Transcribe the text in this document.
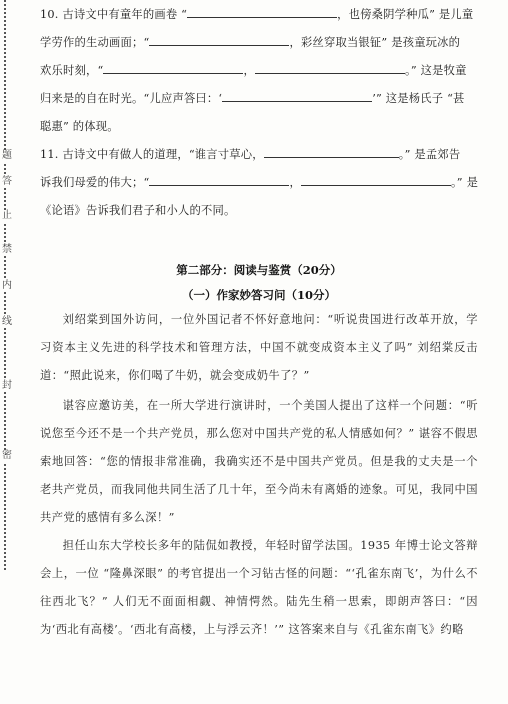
题
答
止
禁
内
线
封
密
10. 古诗文中有童年的画卷 “	，也傍桑阴学种瓜” 是儿童
学劳作的生动画面；“	，彩丝穿取当银钲” 是孩童玩冰的
欢乐时刻，“	，	。” 这是牧童
归来是的自在时光。“儿应声答曰：‘	’” 这是杨氏子 “甚
聪惠” 的体现。
11. 古诗文中有做人的道理，“谁言寸草心，	。” 是孟郊告
诉我们母爱的伟大；“	，	。” 是
《论语》告诉我们君子和小人的不同。
第二部分：阅读与鉴赏（20分）
（一）作家妙答习问（10分）
刘绍棠到国外访问，一位外国记者不怀好意地问：“听说贵国进行改革开放，学习资本主义先进的科学技术和管理方法，中国不就变成资本主义了吗” 刘绍棠反击道：“照此说来，你们喝了牛奶，就会变成奶牛了？”
谌容应邀访美，在一所大学进行演讲时，一个美国人提出了这样一个问题：“听说您至今还不是一个共产党员，那么您对中国共产党的私人情感如何？” 谌容不假思索地回答：“您的情报非常准确，我确实还不是中国共产党员。但是我的丈夫是一个老共产党员，而我同他共同生活了几十年，至今尚未有离婚的迹象。可见，我同中国共产党的感情有多么深！”
担任山东大学校长多年的陆侃如教授，年轻时留学法国。1935 年博士论文答辩会上，一位 “隆鼻深眼” 的考官提出一个习钻古怪的问题：“‘孔雀东南飞’，为什么不往西北飞？” 人们无不面面相觑、神情愕然。陆先生稍一思索，即朗声答曰：“因为‘西北有高楼’。‘西北有高楼，上与浮云齐！’” 这答案来自与《孔雀东南飞》约略
